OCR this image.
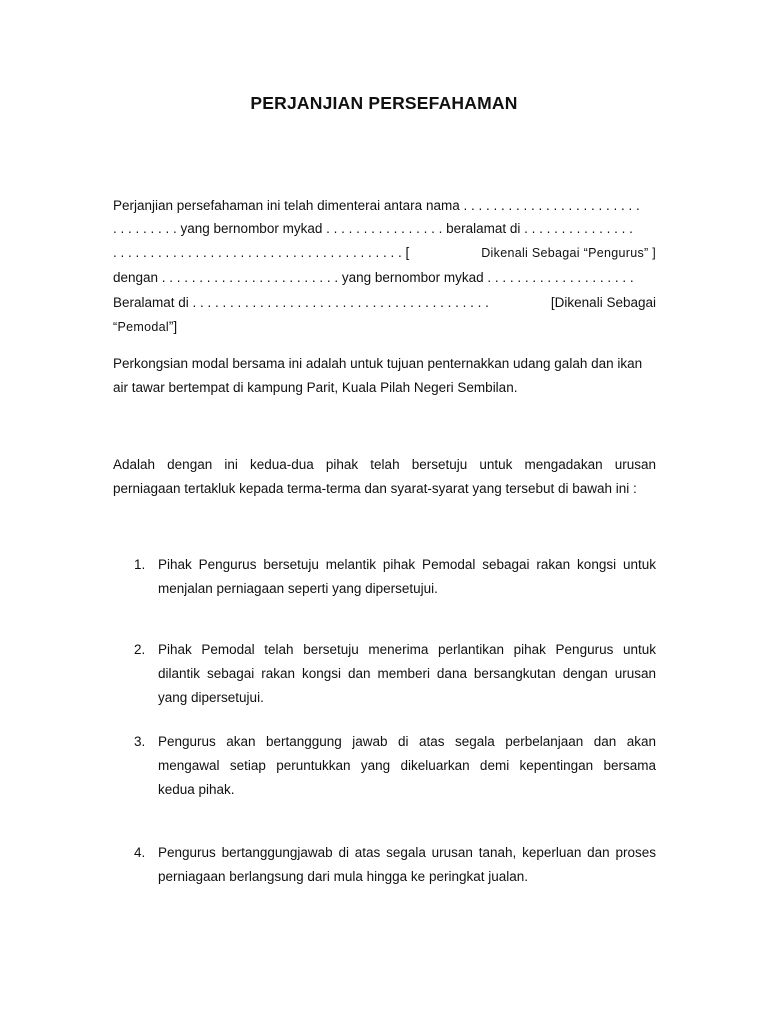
PERJANJIAN PERSEFAHAMAN
Perjanjian persefahaman ini telah dimenterai antara nama . . . . . . . . . . . . . . . . . . . . . . . .
. . . . . . . . . yang bernombor mykad . . . . . . . . . . . . . . . . beralamat di . . . . . . . . . . . . . . .
. . . . . . . . . . . . . . . . . . . . . . . . . . . . . . . . . . . . . . . [	Dikenali Sebagai “Pengurus” ]
dengan . . . . . . . . . . . . . . . . . . . . . . . . yang bernombor mykad . . . . . . . . . . . . . . . . . . . .
Beralamat di . . . . . . . . . . . . . . . . . . . . . . . . . . . . . . . . . . . . . . . .	[Dikenali Sebagai
“Pemodal”]
Perkongsian modal bersama ini adalah untuk tujuan penternakkan udang galah dan ikan
air tawar bertempat di kampung Parit, Kuala Pilah Negeri Sembilan.
Adalah dengan ini kedua-dua pihak telah bersetuju untuk mengadakan urusan
perniagaan tertakluk kepada terma-terma dan syarat-syarat yang tersebut di bawah ini :
1. Pihak Pengurus bersetuju melantik pihak Pemodal sebagai rakan kongsi untuk
menjalan perniagaan seperti yang dipersetujui.
2. Pihak Pemodal telah bersetuju menerima perlantikan pihak Pengurus untuk
dilantik sebagai rakan kongsi dan memberi dana bersangkutan dengan urusan
yang dipersetujui.
3. Pengurus akan bertanggung jawab di atas segala perbelanjaan dan akan
mengawal setiap peruntukkan yang dikeluarkan demi kepentingan bersama
kedua pihak.
4. Pengurus bertanggungjawab di atas segala urusan tanah, keperluan dan proses
perniagaan berlangsung dari mula hingga ke peringkat jualan.
